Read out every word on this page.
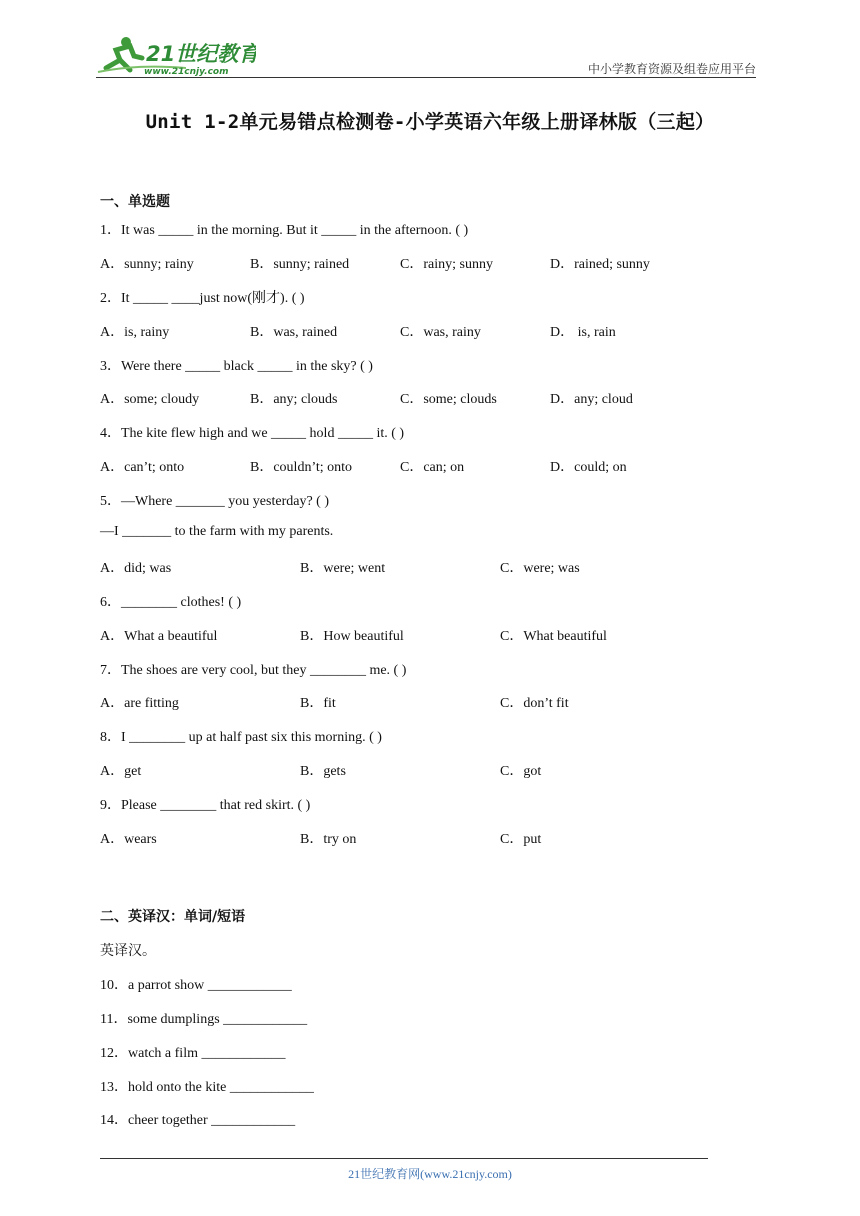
21世纪教育
www.21cnjy.com	中小学教育资源及组卷应用平台
Unit 1-2单元易错点检测卷-小学英语六年级上册译林版（三起）
一、单选题
1．It was _____ in the morning. But it _____ in the afternoon. ( )
A．sunny; rainy	B．sunny; rained	C．rainy; sunny	D．rained; sunny
2．It _____ ____just now(刚才). ( )
A．is, rainy	B．was, rained	C．was, rainy	D． is, rain
3．Were there _____ black _____ in the sky? ( )
A．some; cloudy	B．any; clouds	C．some; clouds	D．any; cloud
4．The kite flew high and we _____ hold _____ it. ( )
A．can’t; onto	B．couldn’t; onto	C．can; on	D．could; on
5．—Where _______ you yesterday? ( )
—I _______ to the farm with my parents.
A．did; was	B．were; went	C．were; was
6．________ clothes! ( )
A．What a beautiful	B．How beautiful	C．What beautiful
7．The shoes are very cool, but they ________ me. ( )
A．are fitting	B．fit	C．don’t fit
8．I ________ up at half past six this morning. ( )
A．get	B．gets	C．got
9．Please ________ that red skirt. ( )
A．wears	B．try on	C．put
二、英译汉：单词/短语
英译汉。
10．a parrot show ____________
11．some dumplings ____________
12．watch a film ____________
13．hold onto the kite ____________
14．cheer together ____________
21世纪教育网(www.21cnjy.com)
